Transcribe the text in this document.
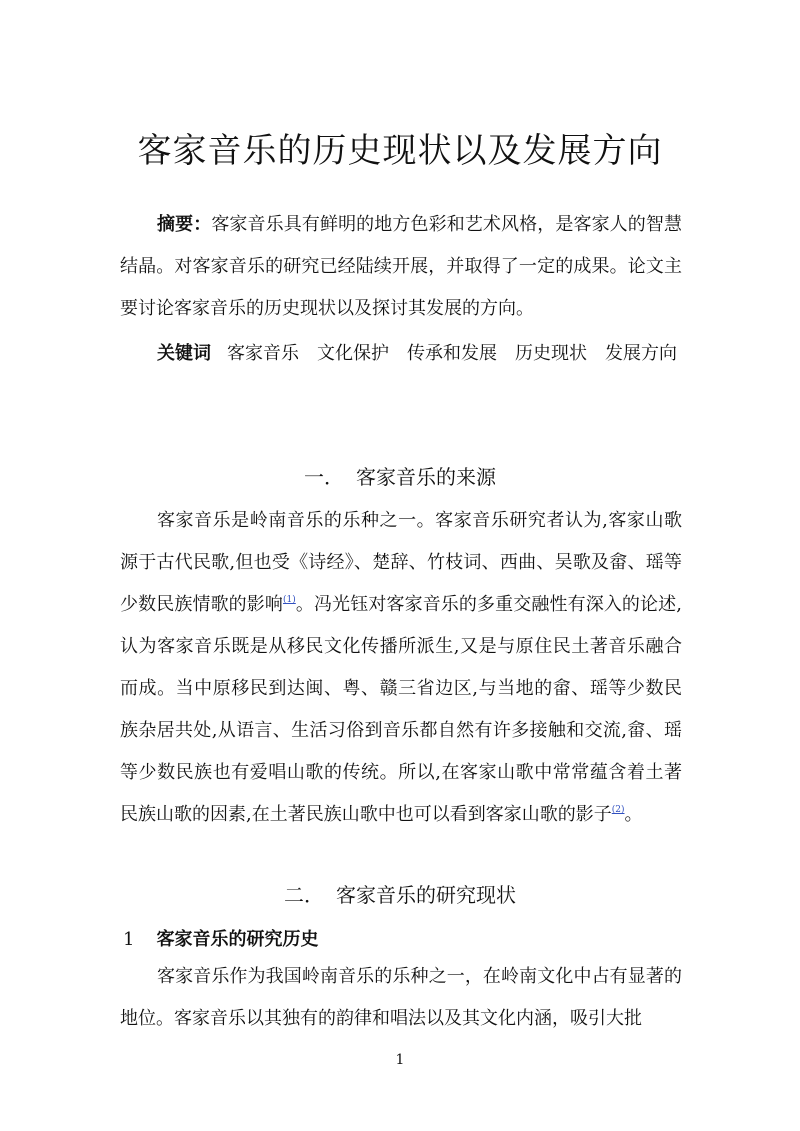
客家音乐的历史现状以及发展方向

摘要：客家音乐具有鲜明的地方色彩和艺术风格，是客家人的智慧结晶。对客家音乐的研究已经陆续开展，并取得了一定的成果。论文主要讨论客家音乐的历史现状以及探讨其发展的方向。

关键词 客家音乐 文化保护 传承和发展 历史现状 发展方向

一． 客家音乐的来源

客家音乐是岭南音乐的乐种之一。客家音乐研究者认为,客家山歌源于古代民歌,但也受《诗经》、楚辞、竹枝词、西曲、吴歌及畲、瑶等少数民族情歌的影响$^{(1)}$。冯光钰对客家音乐的多重交融性有深入的论述,认为客家音乐既是从移民文化传播所派生,又是与原住民土著音乐融合而成。当中原移民到达闽、粤、赣三省边区,与当地的畲、瑶等少数民族杂居共处,从语言、生活习俗到音乐都自然有许多接触和交流,畲、瑶等少数民族也有爱唱山歌的传统。所以,在客家山歌中常常蕴含着土著民族山歌的因素,在土著民族山歌中也可以看到客家山歌的影子$^{(2)}$。

二． 客家音乐的研究现状
1 客家音乐的研究历史

客家音乐作为我国岭南音乐的乐种之一，在岭南文化中占有显著的地位。客家音乐以其独有的韵律和唱法以及其文化内涵，吸引大批

1
